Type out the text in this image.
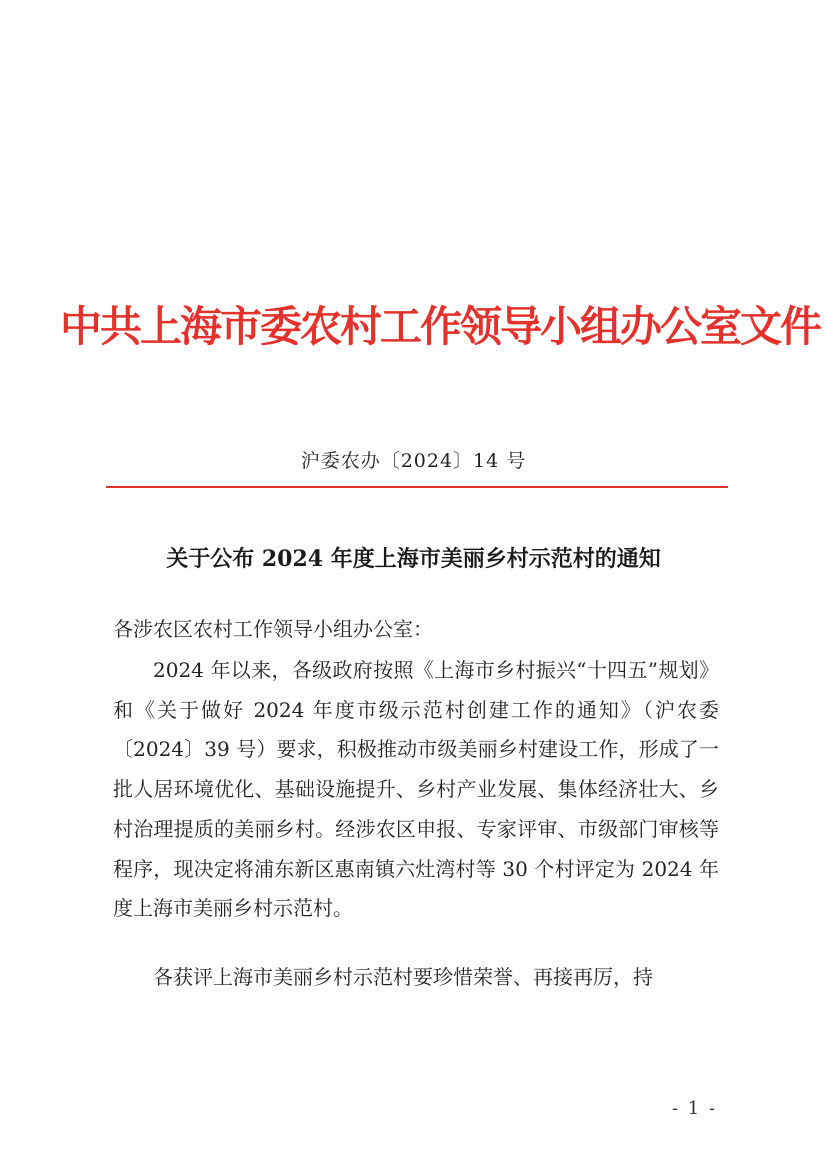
中共上海市委农村工作领导小组办公室文件
沪委农办〔2024〕14 号
关于公布 2024 年度上海市美丽乡村示范村的通知
各涉农区农村工作领导小组办公室：
2024 年以来，各级政府按照《上海市乡村振兴“十四五”规划》和《关于做好 2024 年度市级示范村创建工作的通知》（沪农委〔2024〕39 号）要求，积极推动市级美丽乡村建设工作，形成了一批人居环境优化、基础设施提升、乡村产业发展、集体经济壮大、乡村治理提质的美丽乡村。经涉农区申报、专家评审、市级部门审核等程序，现决定将浦东新区惠南镇六灶湾村等 30 个村评定为 2024 年度上海市美丽乡村示范村。
各获评上海市美丽乡村示范村要珍惜荣誉、再接再厉，持
- 1 -
